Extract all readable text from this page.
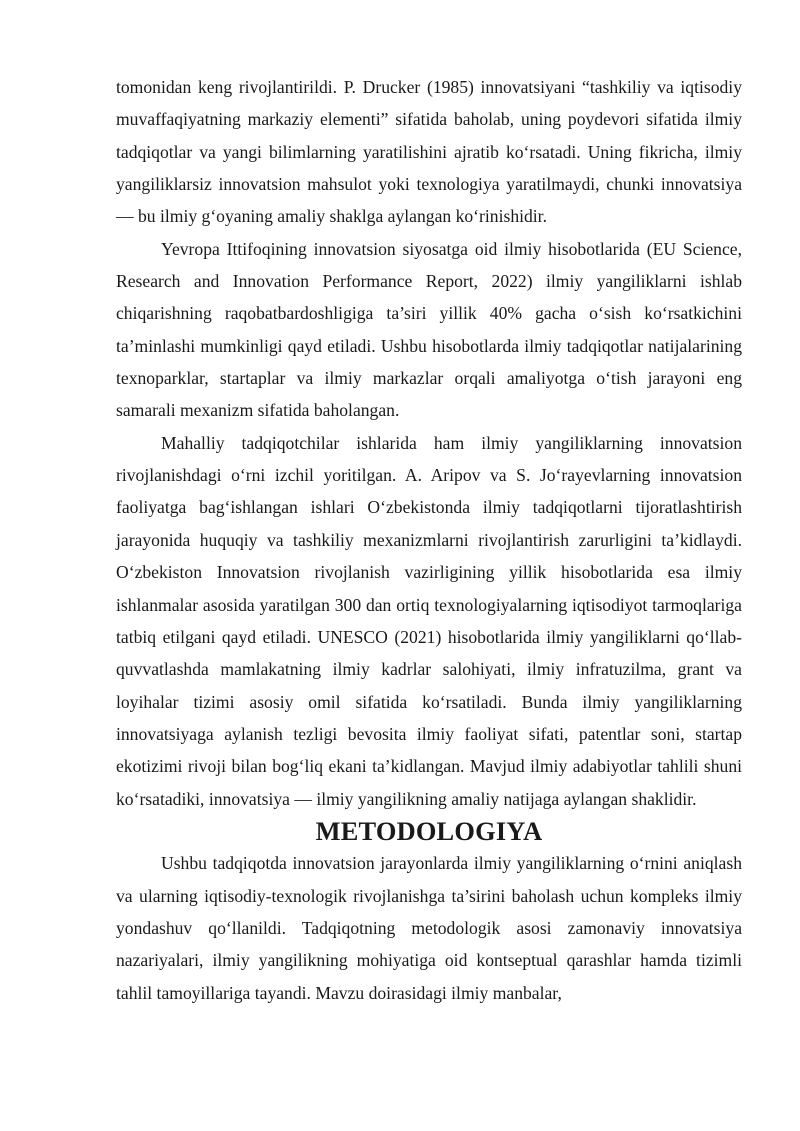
tomonidan keng rivojlantirildi. P. Drucker (1985) innovatsiyani “tashkiliy va iqtisodiy muvaffaqiyatning markaziy elementi” sifatida baholab, uning poydevori sifatida ilmiy tadqiqotlar va yangi bilimlarning yaratilishini ajratib ko‘rsatadi. Uning fikricha, ilmiy yangiliklarsiz innovatsion mahsulot yoki texnologiya yaratilmaydi, chunki innovatsiya — bu ilmiy g‘oyaning amaliy shaklga aylangan ko‘rinishidir.

Yevropa Ittifoqining innovatsion siyosatga oid ilmiy hisobotlarida (EU Science, Research and Innovation Performance Report, 2022) ilmiy yangiliklarni ishlab chiqarishning raqobatbardoshligiga ta’siri yillik 40% gacha o‘sish ko‘rsatkichini ta’minlashi mumkinligi qayd etiladi. Ushbu hisobotlarda ilmiy tadqiqotlar natijalarining texnoparklar, startaplar va ilmiy markazlar orqali amaliyotga o‘tish jarayoni eng samarali mexanizm sifatida baholangan.

Mahalliy tadqiqotchilar ishlarida ham ilmiy yangiliklarning innovatsion rivojlanishdagi o‘rni izchil yoritilgan. A. Aripov va S. Jo‘rayevlarning innovatsion faoliyatga bag‘ishlangan ishlari O‘zbekistonda ilmiy tadqiqotlarni tijoratlashtirish jarayonida huquqiy va tashkiliy mexanizmlarni rivojlantirish zarurligini ta’kidlaydi. O‘zbekiston Innovatsion rivojlanish vazirligining yillik hisobotlarida esa ilmiy ishlanmalar asosida yaratilgan 300 dan ortiq texnologiyalarning iqtisodiyot tarmoqlariga tatbiq etilgani qayd etiladi. UNESCO (2021) hisobotlarida ilmiy yangiliklarni qo‘llab-quvvatlashda mamlakatning ilmiy kadrlar salohiyati, ilmiy infratuzilma, grant va loyihalar tizimi asosiy omil sifatida ko‘rsatiladi. Bunda ilmiy yangiliklarning innovatsiyaga aylanish tezligi bevosita ilmiy faoliyat sifati, patentlar soni, startap ekotizimi rivoji bilan bog‘liq ekani ta’kidlangan. Mavjud ilmiy adabiyotlar tahlili shuni ko‘rsatadiki, innovatsiya — ilmiy yangilikning amaliy natijaga aylangan shaklidir.

METODOLOGIYA

Ushbu tadqiqotda innovatsion jarayonlarda ilmiy yangiliklarning o‘rnini aniqlash va ularning iqtisodiy-texnologik rivojlanishga ta’sirini baholash uchun kompleks ilmiy yondashuv qo‘llanildi. Tadqiqotning metodologik asosi zamonaviy innovatsiya nazariyalari, ilmiy yangilikning mohiyatiga oid kontseptual qarashlar hamda tizimli tahlil tamoyillariga tayandi. Mavzu doirasidagi ilmiy manbalar,
